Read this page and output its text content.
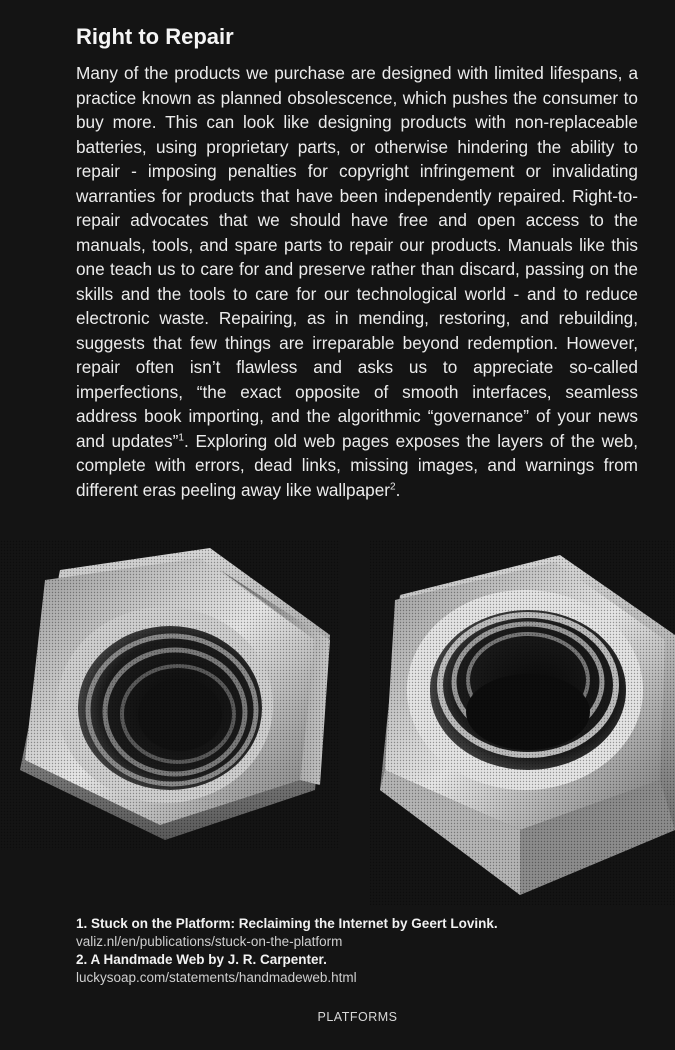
Right to Repair

Many of the products we purchase are designed with limited lifespans, a practice known as planned obsolescence, which pushes the consumer to buy more. This can look like designing products with non-replaceable batteries, using proprietary parts, or otherwise hindering the ability to repair - imposing penalties for copyright infringement or invalidating warranties for products that have been independently repaired. Right-to-repair advocates that we should have free and open access to the manuals, tools, and spare parts to repair our products. Manuals like this one teach us to care for and preserve rather than discard, passing on the skills and the tools to care for our technological world - and to reduce electronic waste. Repairing, as in mending, restoring, and rebuilding, suggests that few things are irreparable beyond redemption. However, repair often isn’t flawless and asks us to appreciate so-called imperfections, “the exact opposite of smooth interfaces, seamless address book importing, and the algorithmic “governance” of your news and updates”$^1$. Exploring old web pages exposes the layers of the web, complete with errors, dead links, missing images, and warnings from different eras peeling away like wallpaper$^2$.

1. Stuck on the Platform: Reclaiming the Internet by Geert Lovink.
valiz.nl/en/publications/stuck-on-the-platform
2. A Handmade Web by J. R. Carpenter.
luckysoap.com/statements/handmadeweb.html
PLATFORMS
